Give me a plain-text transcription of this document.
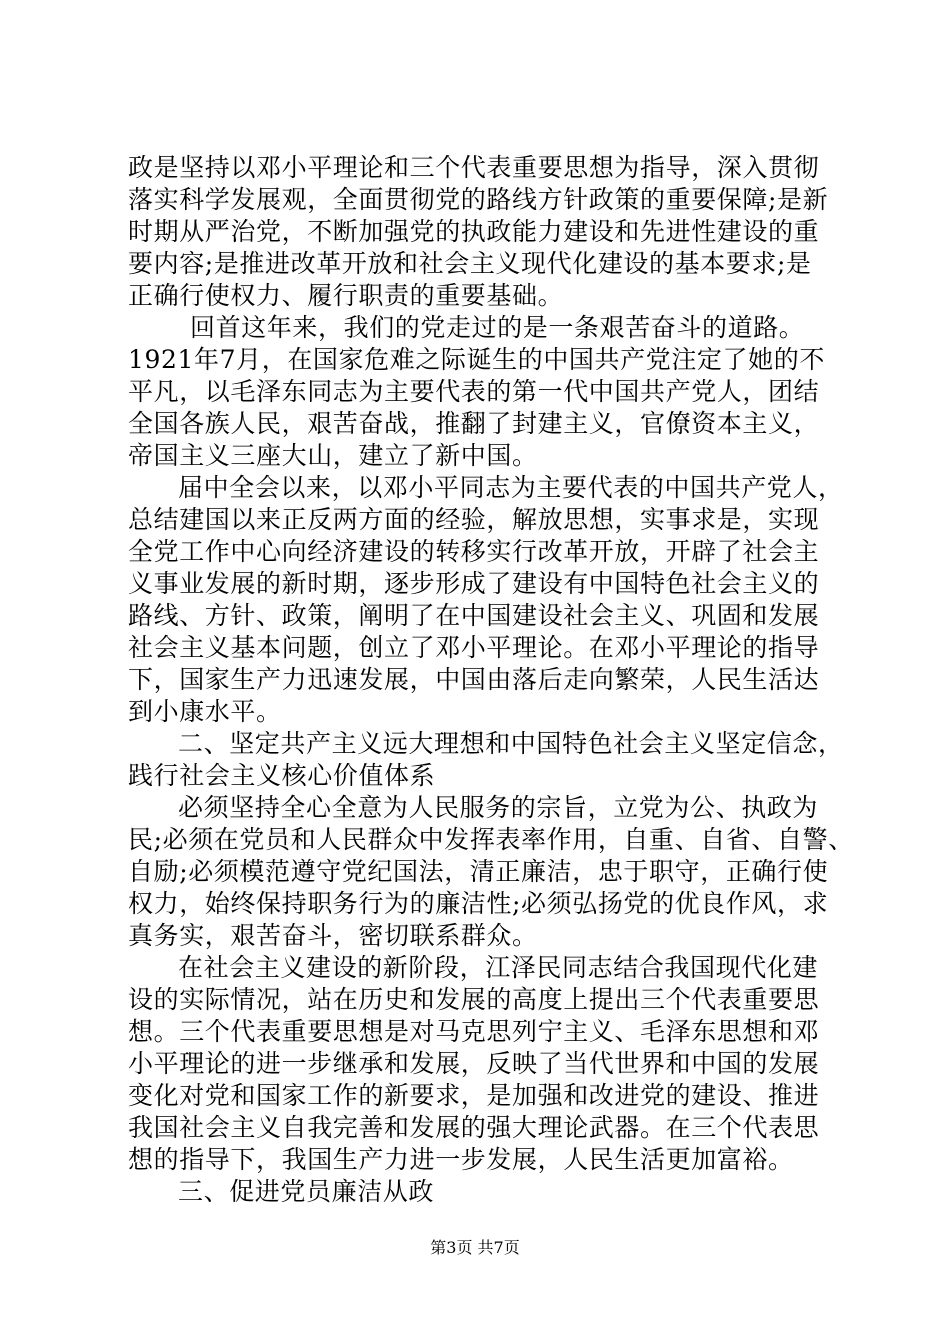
政是坚持以邓小平理论和三个代表重要思想为指导，深入贯彻
落实科学发展观，全面贯彻党的路线方针政策的重要保障;是新
时期从严治党，不断加强党的执政能力建设和先进性建设的重
要内容;是推进改革开放和社会主义现代化建设的基本要求;是
正确行使权力、履行职责的重要基础。
回首这年来，我们的党走过的是一条艰苦奋斗的道路。
1921年7月，在国家危难之际诞生的中国共产党注定了她的不
平凡，以毛泽东同志为主要代表的第一代中国共产党人，团结
全国各族人民，艰苦奋战，推翻了封建主义，官僚资本主义，
帝国主义三座大山，建立了新中国。
届中全会以来，以邓小平同志为主要代表的中国共产党人，
总结建国以来正反两方面的经验，解放思想，实事求是，实现
全党工作中心向经济建设的转移实行改革开放，开辟了社会主
义事业发展的新时期，逐步形成了建设有中国特色社会主义的
路线、方针、政策，阐明了在中国建设社会主义、巩固和发展
社会主义基本问题，创立了邓小平理论。在邓小平理论的指导
下，国家生产力迅速发展，中国由落后走向繁荣，人民生活达
到小康水平。
二、坚定共产主义远大理想和中国特色社会主义坚定信念，
践行社会主义核心价值体系
必须坚持全心全意为人民服务的宗旨，立党为公、执政为
民;必须在党员和人民群众中发挥表率作用，自重、自省、自警、
自励;必须模范遵守党纪国法，清正廉洁，忠于职守，正确行使
权力，始终保持职务行为的廉洁性;必须弘扬党的优良作风，求
真务实，艰苦奋斗，密切联系群众。
在社会主义建设的新阶段，江泽民同志结合我国现代化建
设的实际情况，站在历史和发展的高度上提出三个代表重要思
想。三个代表重要思想是对马克思列宁主义、毛泽东思想和邓
小平理论的进一步继承和发展，反映了当代世界和中国的发展
变化对党和国家工作的新要求，是加强和改进党的建设、推进
我国社会主义自我完善和发展的强大理论武器。在三个代表思
想的指导下，我国生产力进一步发展，人民生活更加富裕。
三、促进党员廉洁从政
第3页 共7页
